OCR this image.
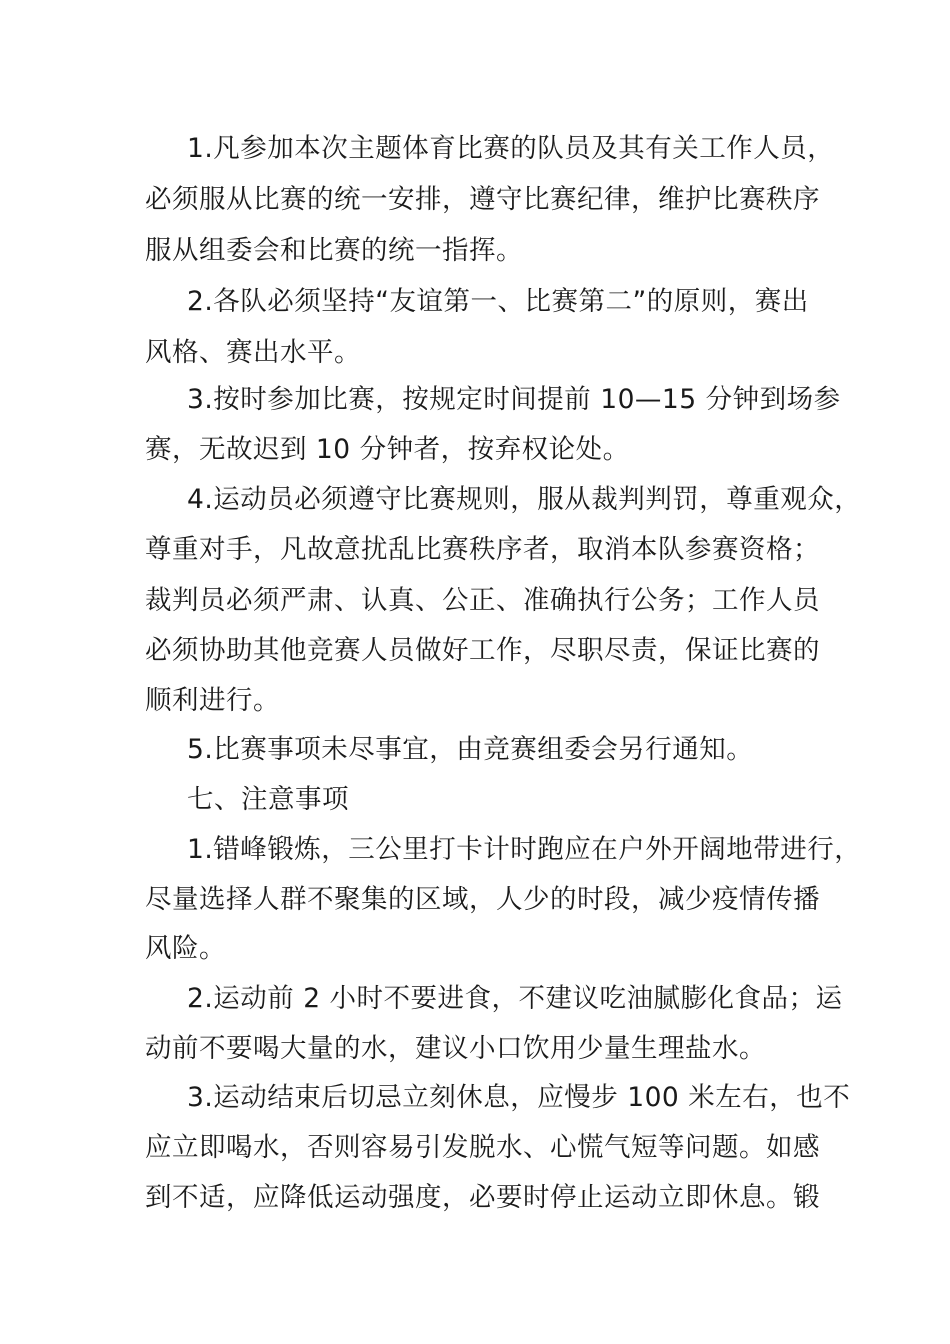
1.凡参加本次主题体育比赛的队员及其有关工作人员，
必须服从比赛的统一安排，遵守比赛纪律，维护比赛秩序
服从组委会和比赛的统一指挥。
2.各队必须坚持“友谊第一、比赛第二”的原则，赛出
风格、赛出水平。
3.按时参加比赛，按规定时间提前 10—15 分钟到场参
赛，无故迟到 10 分钟者，按弃权论处。
4.运动员必须遵守比赛规则，服从裁判判罚，尊重观众，
尊重对手，凡故意扰乱比赛秩序者，取消本队参赛资格；
裁判员必须严肃、认真、公正、准确执行公务；工作人员
必须协助其他竞赛人员做好工作，尽职尽责，保证比赛的
顺利进行。
5.比赛事项未尽事宜，由竞赛组委会另行通知。
七、注意事项
1.错峰锻炼，三公里打卡计时跑应在户外开阔地带进行，
尽量选择人群不聚集的区域，人少的时段，减少疫情传播
风险。
2.运动前 2 小时不要进食，不建议吃油腻膨化食品；运
动前不要喝大量的水，建议小口饮用少量生理盐水。
3.运动结束后切忌立刻休息，应慢步 100 米左右，也不
应立即喝水，否则容易引发脱水、心慌气短等问题。如感
到不适，应降低运动强度，必要时停止运动立即休息。锻
